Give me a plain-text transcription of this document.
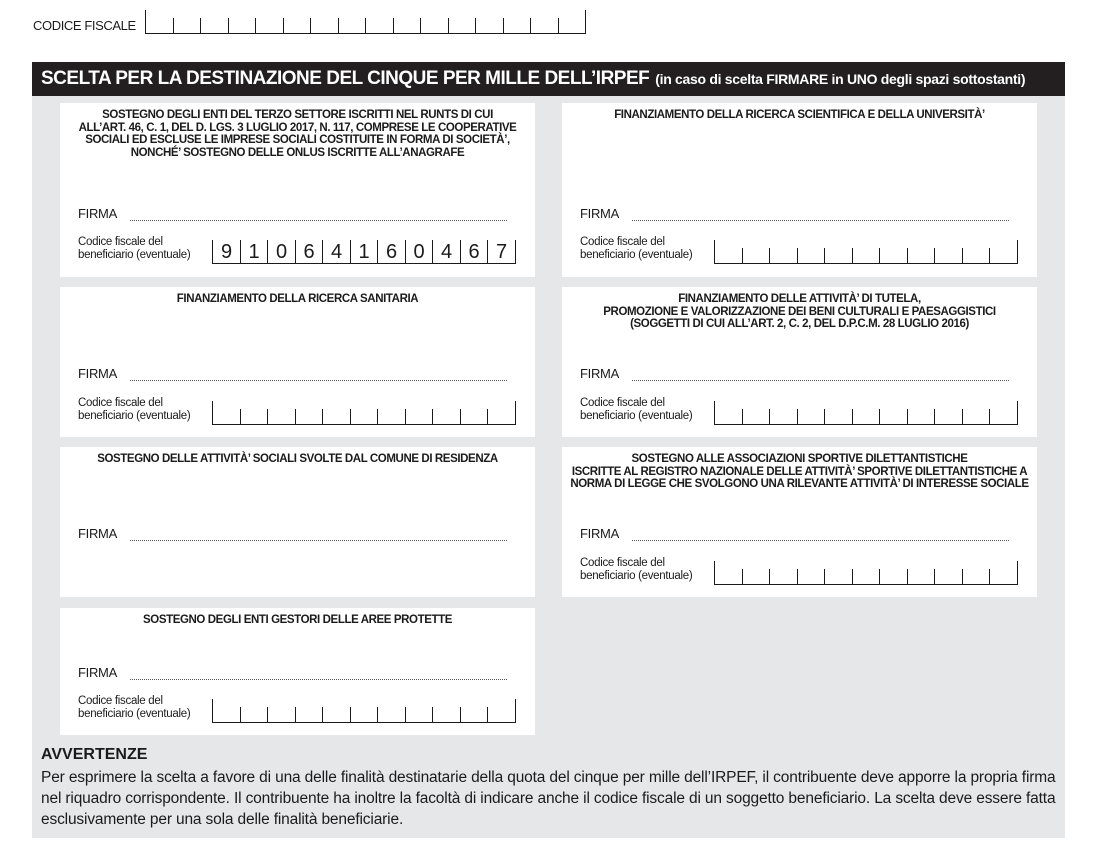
CODICE FISCALE
SCELTA PER LA DESTINAZIONE DEL CINQUE PER MILLE DELL’IRPEF (in caso di scelta FIRMARE in UNO degli spazi sottostanti)
SOSTEGNO DEGLI ENTI DEL TERZO SETTORE ISCRITTI NEL RUNTS DI CUI
ALL’ART. 46, C. 1, DEL D. LGS. 3 LUGLIO 2017, N. 117, COMPRESE LE COOPERATIVE
SOCIALI ED ESCLUSE LE IMPRESE SOCIALI COSTITUITE IN FORMA DI SOCIETÀ’,
NONCHÉ’ SOSTEGNO DELLE ONLUS ISCRITTE ALL’ANAGRAFE
FIRMA
Codice fiscale del
beneficiario (eventuale)	9 1 0 6 4 1 6 0 4 6 7
FINANZIAMENTO DELLA RICERCA SCIENTIFICA E DELLA UNIVERSITÀ’
FIRMA
Codice fiscale del
beneficiario (eventuale)
FINANZIAMENTO DELLA RICERCA SANITARIA
FIRMA
Codice fiscale del
beneficiario (eventuale)
FINANZIAMENTO DELLE ATTIVITÀ’ DI TUTELA,
PROMOZIONE E VALORIZZAZIONE DEI BENI CULTURALI E PAESAGGISTICI
(SOGGETTI DI CUI ALL’ART. 2, C. 2, DEL D.P.C.M. 28 LUGLIO 2016)
FIRMA
Codice fiscale del
beneficiario (eventuale)
SOSTEGNO DELLE ATTIVITÀ’ SOCIALI SVOLTE DAL COMUNE DI RESIDENZA
FIRMA
SOSTEGNO ALLE ASSOCIAZIONI SPORTIVE DILETTANTISTICHE
ISCRITTE AL REGISTRO NAZIONALE DELLE ATTIVITÀ’ SPORTIVE DILETTANTISTICHE A
NORMA DI LEGGE CHE SVOLGONO UNA RILEVANTE ATTIVITÀ’ DI INTERESSE SOCIALE
FIRMA
Codice fiscale del
beneficiario (eventuale)
SOSTEGNO DEGLI ENTI GESTORI DELLE AREE PROTETTE
FIRMA
Codice fiscale del
beneficiario (eventuale)
AVVERTENZE
Per esprimere la scelta a favore di una delle finalità destinatarie della quota del cinque per mille dell’IRPEF, il contribuente deve apporre la propria firma nel riquadro corrispondente. Il contribuente ha inoltre la facoltà di indicare anche il codice fiscale di un soggetto beneficiario. La scelta deve essere fatta esclusivamente per una sola delle finalità beneficiarie.
